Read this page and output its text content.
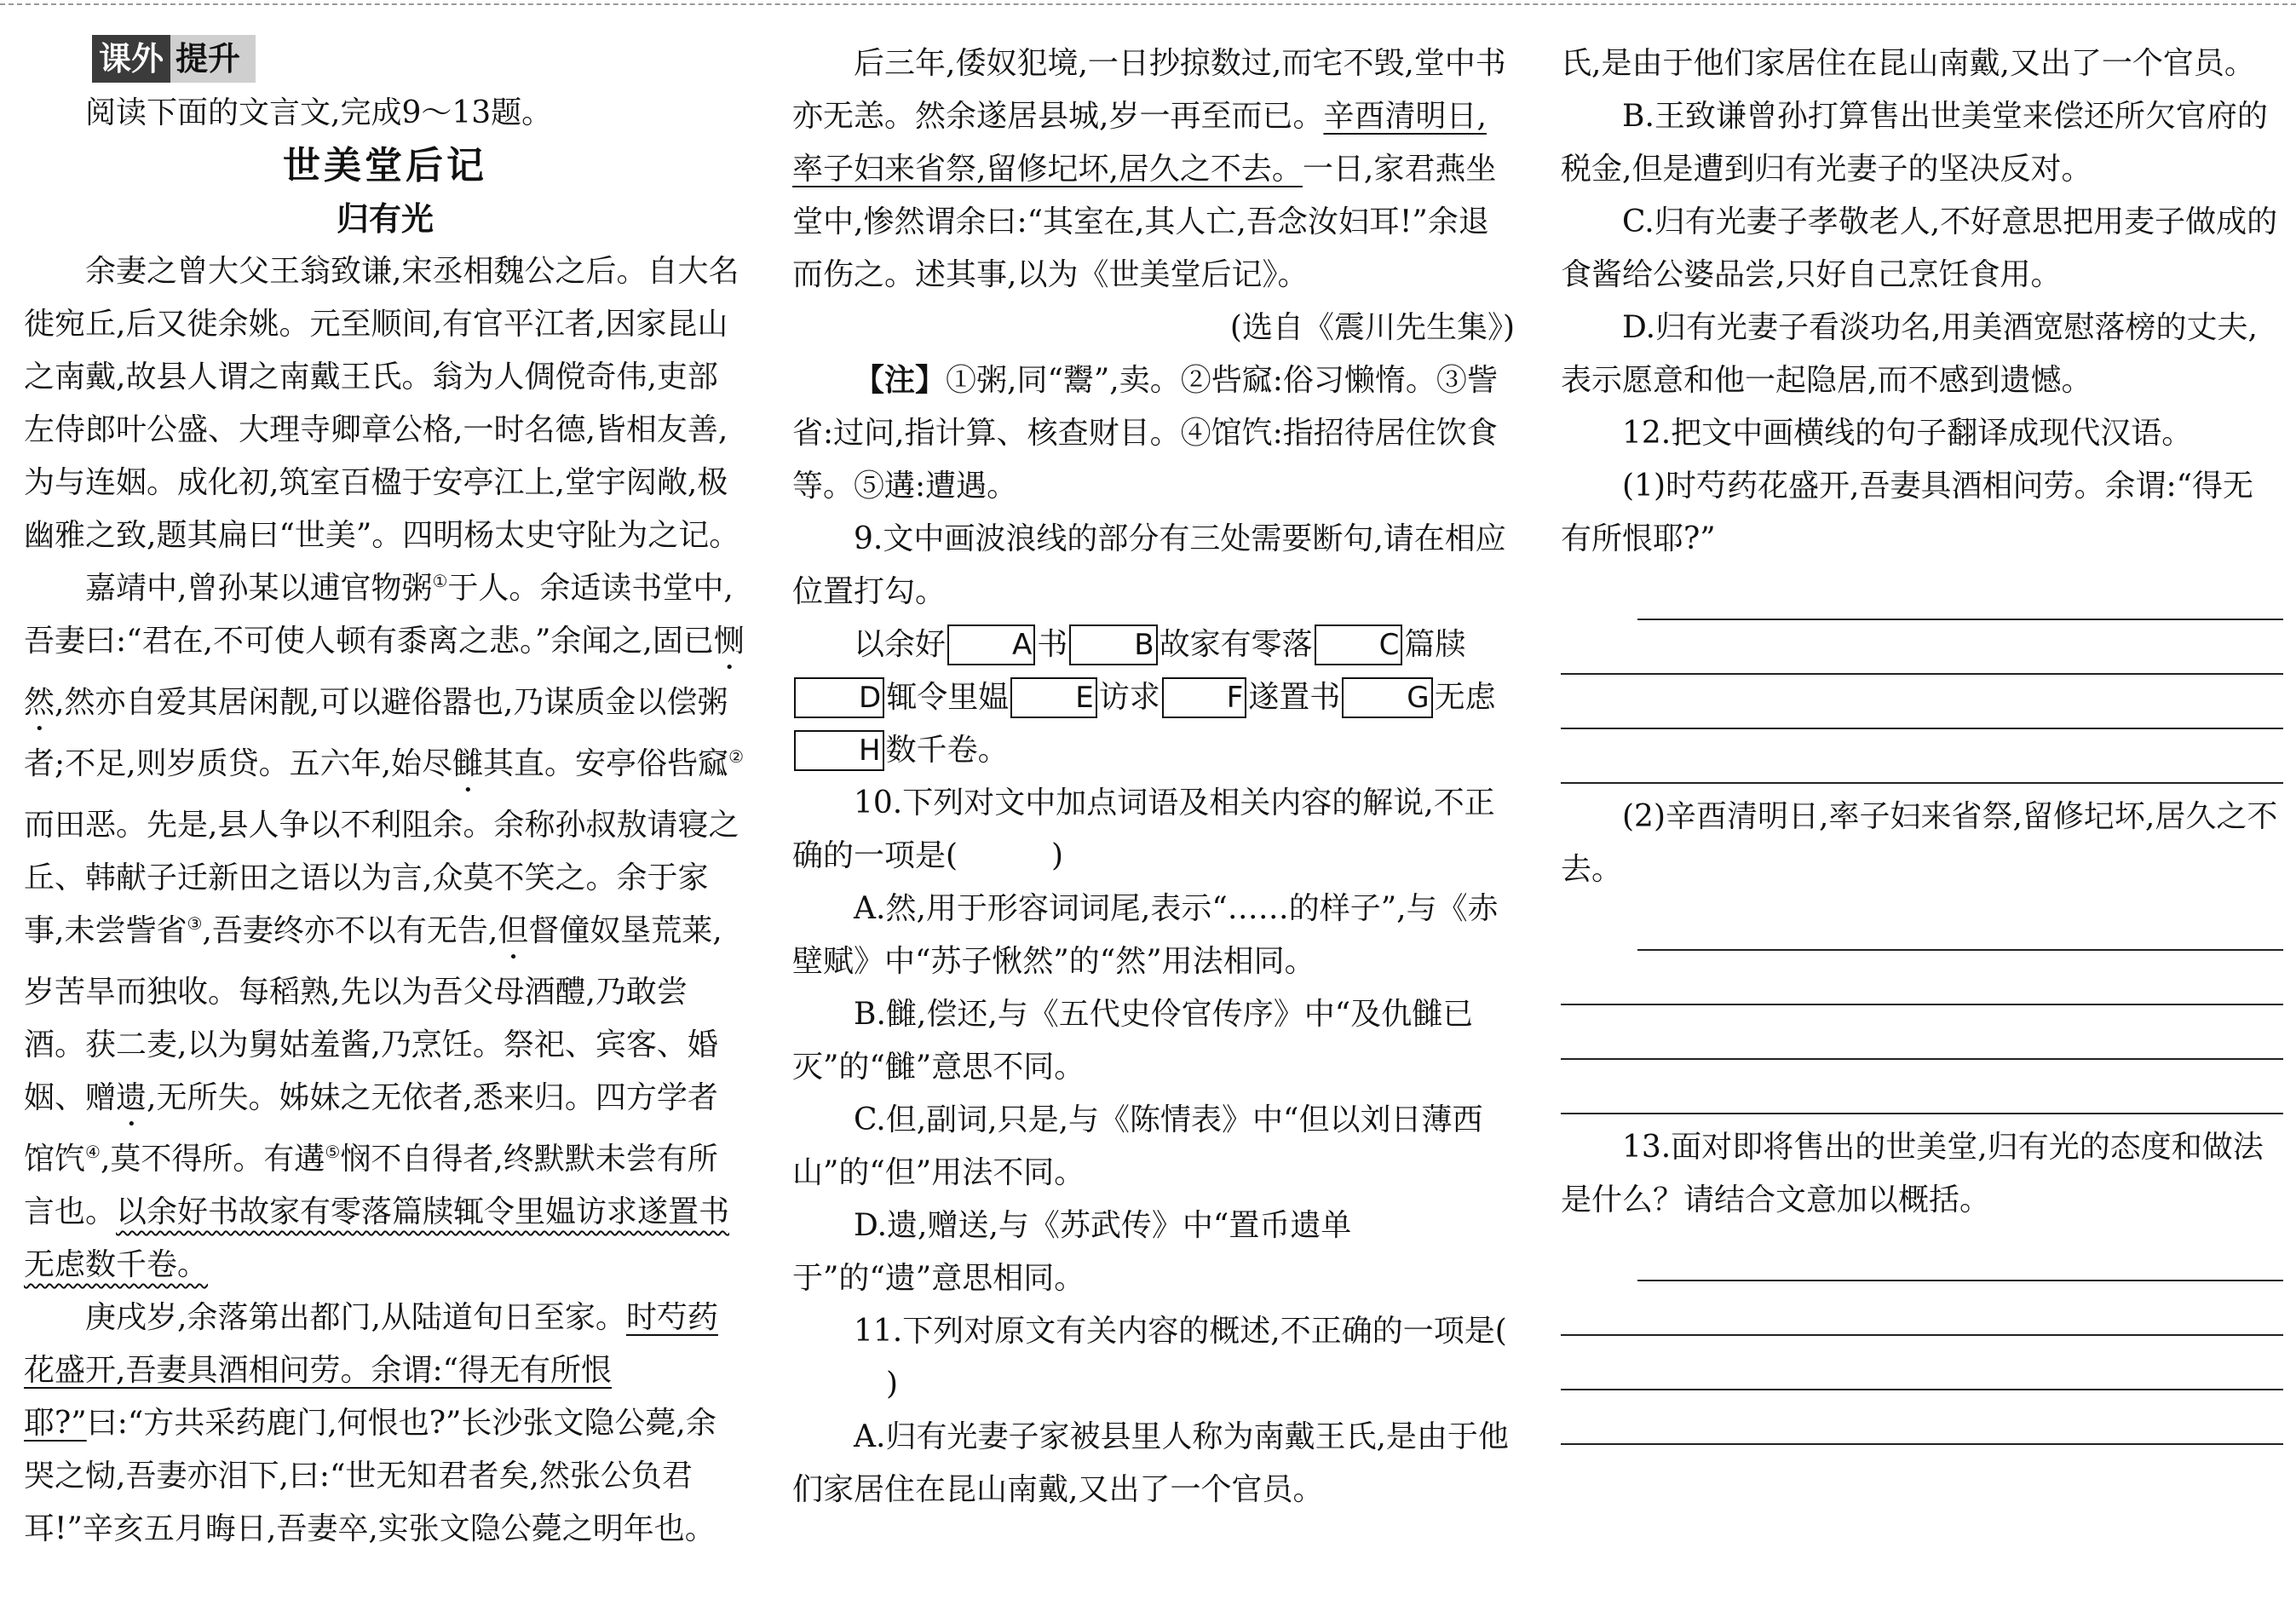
课外 提升

阅读下面的文言文,完成9～13题。

世美堂后记

归有光

余妻之曾大父王翁致谦,宋丞相魏公之后。自大名徙宛丘,后又徙余姚。元至顺间,有官平江者,因家昆山之南戴,故县人谓之南戴王氏。翁为人倜傥奇伟,吏部左侍郎叶公盛、大理寺卿章公格,一时名德,皆相友善,为与连姻。成化初,筑室百楹于安亭江上,堂宇闳敞,极幽雅之致,题其扁曰“世美”。四明杨太史守阯为之记。

嘉靖中,曾孙某以逋官物粥①于人。余适读书堂中,吾妻曰:“君在,不可使人顿有黍离之悲。”余闻之,固已恻然,然亦自爱其居闲靓,可以避俗嚣也,乃谋质金以偿粥者;不足,则岁质贷。五六年,始尽雠其直。安亭俗呰窳②而田恶。先是,县人争以不利阻余。余称孙叔敖请寝之丘、韩献子迁新田之语以为言,众莫不笑之。余于家事,未尝訾省③,吾妻终亦不以有无告,但督僮奴垦荒莱,岁苦旱而独收。每稻熟,先以为吾父母酒醴,乃敢尝酒。获二麦,以为舅姑羞酱,乃烹饪。祭祀、宾客、婚姻、赠遗,无所失。姊妹之无依者,悉来归。四方学者馆饩④,莫不得所。有遘⑤悯不自得者,终默默未尝有所言也。以余好书故家有零落篇牍辄令里媪访求遂置书无虑数千卷。

庚戌岁,余落第出都门,从陆道旬日至家。时芍药花盛开,吾妻具酒相问劳。余谓:“得无有所恨耶?”曰:“方共采药鹿门,何恨也?”长沙张文隐公薨,余哭之恸,吾妻亦泪下,曰:“世无知君者矣,然张公负君耳!”辛亥五月晦日,吾妻卒,实张文隐公薨之明年也。

后三年,倭奴犯境,一日抄掠数过,而宅不毁,堂中书亦无恙。然余遂居县城,岁一再至而已。辛酉清明日,率子妇来省祭,留修圮坏,居久之不去。一日,家君燕坐堂中,惨然谓余曰:“其室在,其人亡,吾念汝妇耳!”余退而伤之。述其事,以为《世美堂后记》。

(选自《震川先生集》)

【注】①粥,同“鬻”,卖。②呰窳:俗习懒惰。③訾省:过问,指计算、核查财目。④馆饩:指招待居住饮食等。⑤遘:遭遇。

9.文中画波浪线的部分有三处需要断句,请在相应位置打勾。

以余好 A 书 B 故家有零落 C 篇牍D 辄令里媪 E 访求 F 遂置书 G 无虑H 数千卷。

10.下列对文中加点词语及相关内容的解说,不正确的一项是(	)

A.然,用于形容词词尾,表示“……的样子”,与《赤壁赋》中“苏子愀然”的“然”用法相同。

B.雠,偿还,与《五代史伶官传序》中“及仇雠已灭”的“雠”意思不同。

C.但,副词,只是,与《陈情表》中“但以刘日薄西山”的“但”用法不同。

D.遗,赠送,与《苏武传》中“置币遗单于”的“遗”意思相同。

11.下列对原文有关内容的概述,不正确的一项是()

A.归有光妻子家被县里人称为南戴王氏,是由于他们家居住在昆山南戴,又出了一个官员。

氏,是由于他们家居住在昆山南戴,又出了一个官员。

B.王致谦曾孙打算售出世美堂来偿还所欠官府的税金,但是遭到归有光妻子的坚决反对。

C.归有光妻子孝敬老人,不好意思把用麦子做成的食酱给公婆品尝,只好自己烹饪食用。

D.归有光妻子看淡功名,用美酒宽慰落榜的丈夫,表示愿意和他一起隐居,而不感到遗憾。

12.把文中画横线的句子翻译成现代汉语。

(1)时芍药花盛开,吾妻具酒相问劳。余谓:“得无有所恨耶?”

(2)辛酉清明日,率子妇来省祭,留修圮坏,居久之不去。

13.面对即将售出的世美堂,归有光的态度和做法是什么？请结合文意加以概括。
